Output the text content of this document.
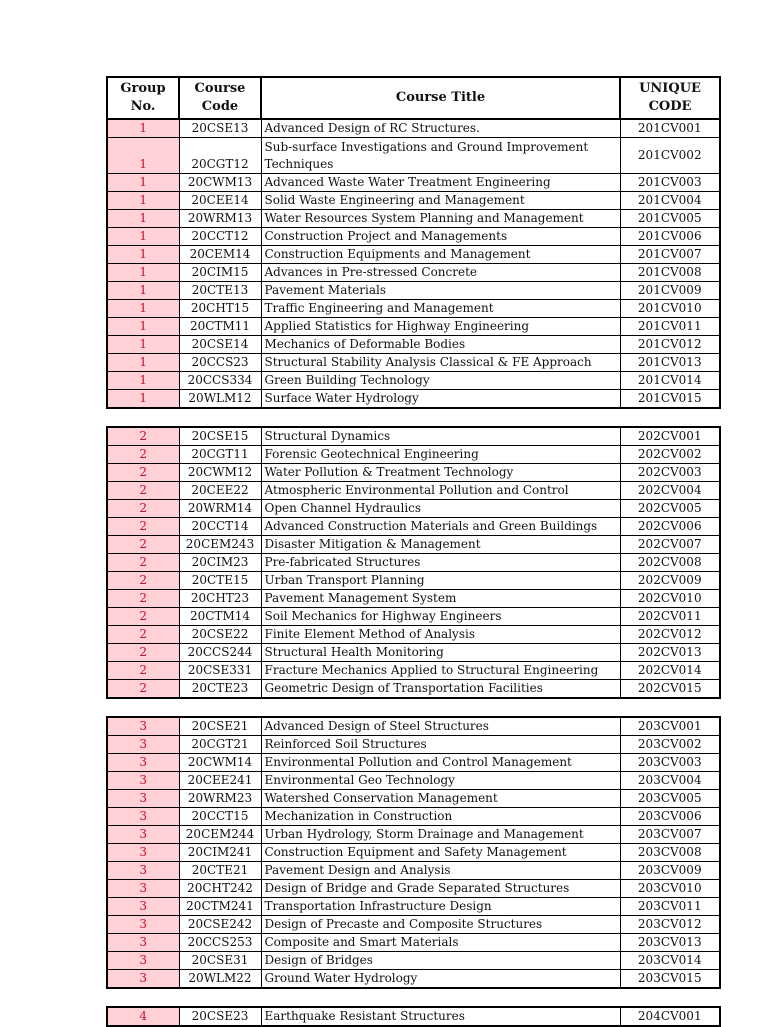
Group No.	Course Code	Course Title	UNIQUE CODE
1	20CSE13	Advanced Design of RC Structures.	201CV001
1	20CGT12	Sub-surface Investigations and Ground Improvement Techniques	201CV002
1	20CWM13	Advanced Waste Water Treatment Engineering	201CV003
1	20CEE14	Solid Waste Engineering and Management	201CV004
1	20WRM13	Water Resources System Planning and Management	201CV005
1	20CCT12	Construction Project and Managements	201CV006
1	20CEM14	Construction Equipments and Management	201CV007
1	20CIM15	Advances in Pre-stressed Concrete	201CV008
1	20CTE13	Pavement Materials	201CV009
1	20CHT15	Traffic Engineering and Management	201CV010
1	20CTM11	Applied Statistics for Highway Engineering	201CV011
1	20CSE14	Mechanics of Deformable Bodies	201CV012
1	20CCS23	Structural Stability Analysis Classical & FE Approach	201CV013
1	20CCS334	Green Building Technology	201CV014
1	20WLM12	Surface Water Hydrology	201CV015

2	20CSE15	Structural Dynamics	202CV001
2	20CGT11	Forensic Geotechnical Engineering	202CV002
2	20CWM12	Water Pollution & Treatment Technology	202CV003
2	20CEE22	Atmospheric Environmental Pollution and Control	202CV004
2	20WRM14	Open Channel Hydraulics	202CV005
2	20CCT14	Advanced Construction Materials and Green Buildings	202CV006
2	20CEM243	Disaster Mitigation & Management	202CV007
2	20CIM23	Pre-fabricated Structures	202CV008
2	20CTE15	Urban Transport Planning	202CV009
2	20CHT23	Pavement Management System	202CV010
2	20CTM14	Soil Mechanics for Highway Engineers	202CV011
2	20CSE22	Finite Element Method of Analysis	202CV012
2	20CCS244	Structural Health Monitoring	202CV013
2	20CSE331	Fracture Mechanics Applied to Structural Engineering	202CV014
2	20CTE23	Geometric Design of Transportation Facilities	202CV015

3	20CSE21	Advanced Design of Steel Structures	203CV001
3	20CGT21	Reinforced Soil Structures	203CV002
3	20CWM14	Environmental Pollution and Control Management	203CV003
3	20CEE241	Environmental Geo Technology	203CV004
3	20WRM23	Watershed Conservation Management	203CV005
3	20CCT15	Mechanization in Construction	203CV006
3	20CEM244	Urban Hydrology, Storm Drainage and Management	203CV007
3	20CIM241	Construction Equipment and Safety Management	203CV008
3	20CTE21	Pavement Design and Analysis	203CV009
3	20CHT242	Design of Bridge and Grade Separated Structures	203CV010
3	20CTM241	Transportation Infrastructure Design	203CV011
3	20CSE242	Design of Precaste and Composite Structures	203CV012
3	20CCS253	Composite and Smart Materials	203CV013
3	20CSE31	Design of Bridges	203CV014
3	20WLM22	Ground Water Hydrology	203CV015

4	20CSE23	Earthquake Resistant Structures	204CV001
